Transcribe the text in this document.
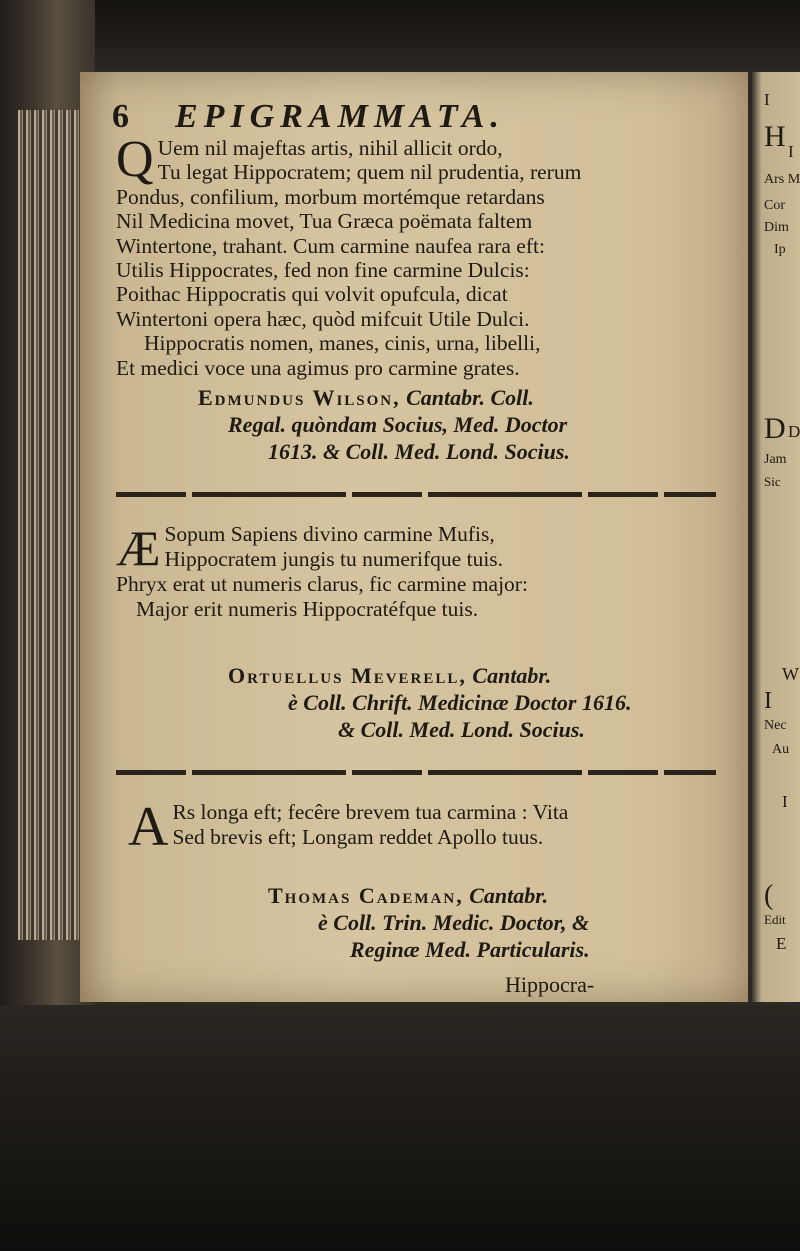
6 EPIGRAMMATA.
Q Uem nil majeftas artis, nihil allicit ordo,
Tu legat Hippocratem; quem nil prudentia, rerum
Pondus, confilium, morbum mortémque retardans
Nil Medicina movet, Tua Græca poëmata faltem
Wintertone, trahant. Cum carmine naufea rara eft:
Utilis Hippocrates, fed non fine carmine Dulcis:
Poithac Hippocratis qui volvit opufcula, dicat
Wintertoni opera hæc, quòd mifcuit Utile Dulci.
Hippocratis nomen, manes, cinis, urna, libelli,
Et medici voce una agimus pro carmine grates.
Edmundus Wilson, Cantabr. Coll.
Regal. quòndam Socius, Med. Doctor
1613. & Coll. Med. Lond. Socius.
Æ Sopum Sapiens divino carmine Mufis,
Hippocratem jungis tu numerifque tuis.
Phryx erat ut numeris clarus, fic carmine major:
Major erit numeris Hippocratéfque tuis.
Ortuellus Meverell, Cantabr.
è Coll. Chrift. Medicinæ Doctor 1616.
& Coll. Med. Lond. Socius.
A Rs longa eft; fecêre brevem tua carmina : Vita
Sed brevis eft; Longam reddet Apollo tuus.
Thomas Cademan, Cantabr.
è Coll. Trin. Medic. Doctor, &
Reginæ Med. Particularis.
Hippocra-
I
H I
Ars M
Cor
Dim
Ip
D D
Jam
Sic
W
I
Nec
Au
I
(
Edit
E
